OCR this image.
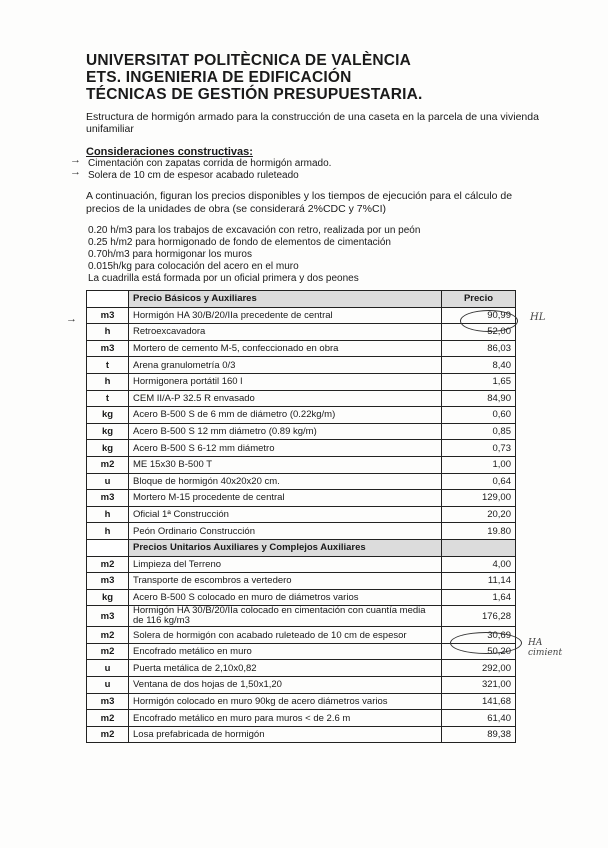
UNIVERSITAT POLITÈCNICA DE VALÈNCIA
ETS. INGENIERIA DE EDIFICACIÓN
TÉCNICAS DE GESTIÓN PRESUPUESTARIA.
Estructura de hormigón armado para la construcción de una caseta en la parcela de una vivienda
unifamiliar
Consideraciones constructivas:
Cimentación con zapatas corrida de hormigón armado.
Solera de 10 cm de espesor acabado ruleteado
A continuación, figuran los precios disponibles y los tiempos de ejecución para el cálculo de
precios de la unidades de obra (se considerará 2%CDC y 7%CI)
0.20 h/m3 para los trabajos de excavación con retro, realizada por un peón
0.25 h/m2 para hormigonado de fondo de elementos de cimentación
0.70h/m3 para hormigonar los muros
0.015h/kg para colocación del acero en el muro
La cuadrilla está formada por un oficial primera y dos peones
	Precio Básicos y Auxiliares	Precio
m3	Hormigón HA 30/B/20/IIa precedente de central	90,99
h	Retroexcavadora	52,00
m3	Mortero de cemento M-5, confeccionado en obra	86,03
t	Arena granulometría 0/3	8,40
h	Hormigonera portátil 160 l	1,65
t	CEM II/A-P 32.5 R envasado	84,90
kg	Acero B-500 S de 6 mm de diámetro (0.22kg/m)	0,60
kg	Acero B-500 S 12 mm diámetro (0.89 kg/m)	0,85
kg	Acero B-500 S 6-12 mm diámetro	0,73
m2	ME 15x30 B-500 T	1,00
u	Bloque de hormigón 40x20x20 cm.	0,64
m3	Mortero M-15 procedente de central	129,00
h	Oficial 1ª Construcción	20,20
h	Peón Ordinario Construcción	19.80
	Precios Unitarios Auxiliares y Complejos Auxiliares	
m2	Limpieza del Terreno	4,00
m3	Transporte de escombros a vertedero	11,14
kg	Acero B-500 S colocado en muro de diámetros varios	1,64
m3	Hormigón HA 30/B/20/IIa colocado en cimentación con cuantía media de 116 kg/m3	176,28
m2	Solera de hormigón con acabado ruleteado de 10 cm de espesor	30,69
m2	Encofrado metálico en muro	50,20
u	Puerta metálica de 2,10x0,82	292,00
u	Ventana de dos hojas de 1,50x1,20	321,00
m3	Hormigón colocado en muro 90kg de acero diámetros varios	141,68
m2	Encofrado metálico en muro para muros < de 2.6 m	61,40
m2	Losa prefabricada de hormigón	89,38
HL
HA cimient
→
→
→
